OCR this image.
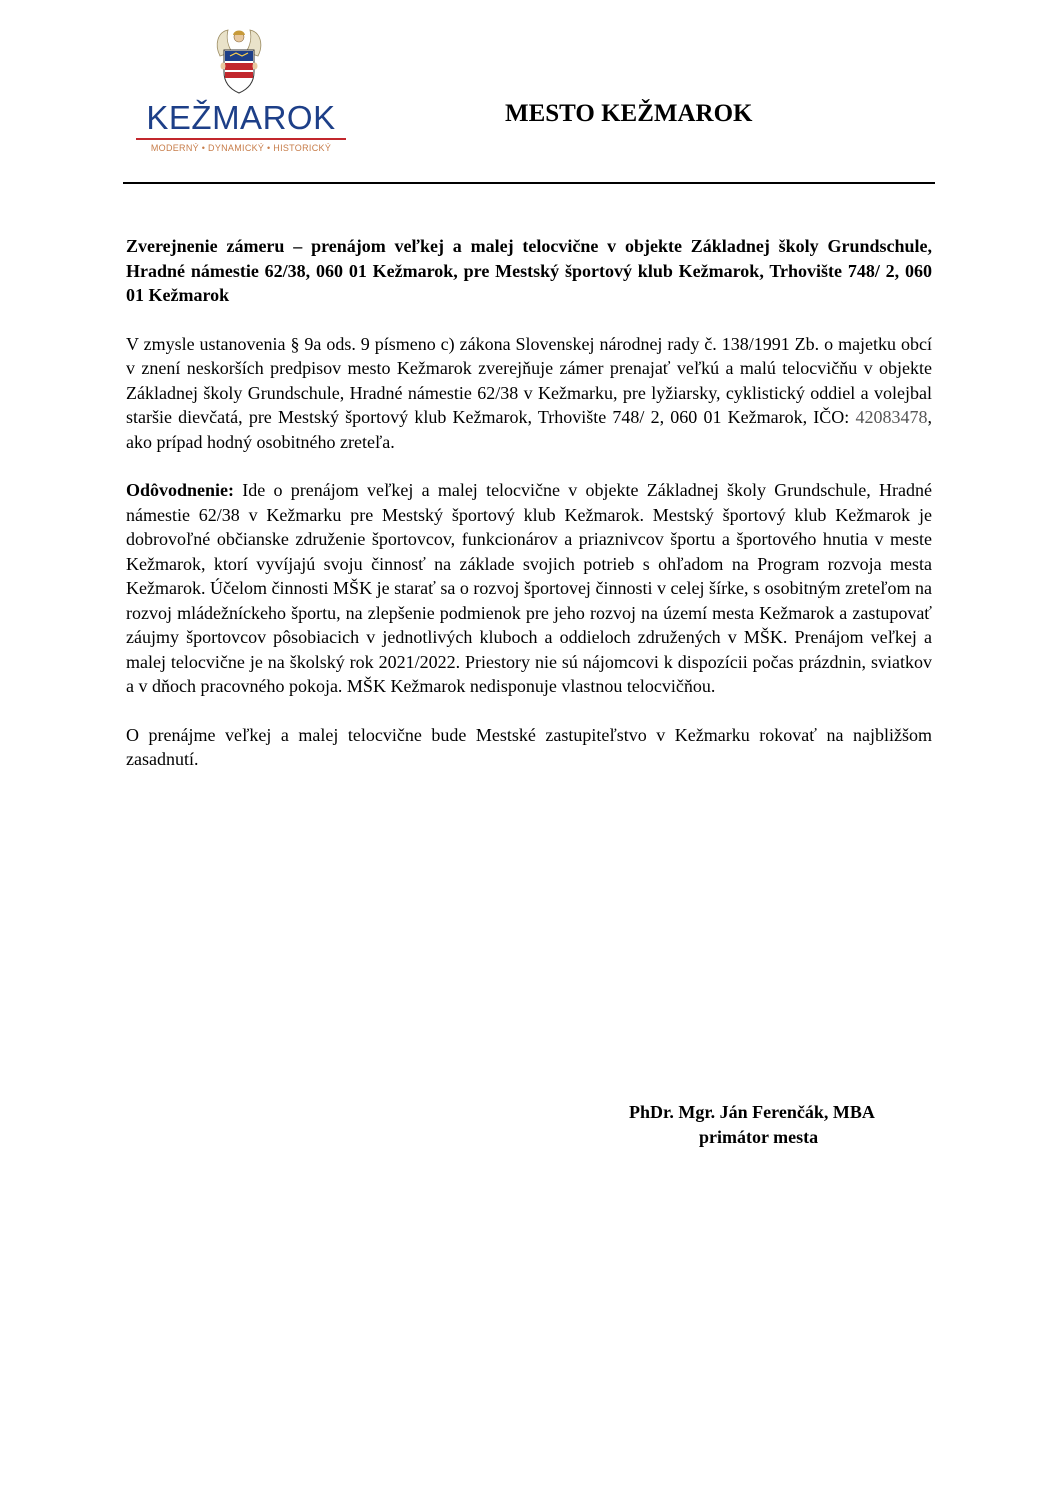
KEŽMAROK
MODERNÝ • DYNAMICKÝ • HISTORICKÝ
MESTO KEŽMAROK

Zverejnenie zámeru – prenájom veľkej a malej telocvične v objekte Základnej školy Grundschule, Hradné námestie 62/38, 060 01 Kežmarok, pre Mestský športový klub Kežmarok, Trhovište 748/ 2, 060 01 Kežmarok

V zmysle ustanovenia § 9a ods. 9 písmeno c) zákona Slovenskej národnej rady č. 138/1991 Zb. o majetku obcí v znení neskorších predpisov mesto Kežmarok zverejňuje zámer prenajať veľkú a malú telocvičňu v objekte Základnej školy Grundschule, Hradné námestie 62/38 v Kežmarku, pre lyžiarsky, cyklistický oddiel a volejbal staršie dievčatá, pre Mestský športový klub Kežmarok, Trhovište 748/ 2, 060 01 Kežmarok, IČO: 42083478, ako prípad hodný osobitného zreteľa.

Odôvodnenie: Ide o prenájom veľkej a malej telocvične v objekte Základnej školy Grundschule, Hradné námestie 62/38 v Kežmarku pre Mestský športový klub Kežmarok. Mestský športový klub Kežmarok je dobrovoľné občianske združenie športovcov, funkcionárov a priaznivcov športu a športového hnutia v meste Kežmarok, ktorí vyvíjajú svoju činnosť na základe svojich potrieb s ohľadom na Program rozvoja mesta Kežmarok. Účelom činnosti MŠK je starať sa o rozvoj športovej činnosti v celej šírke, s osobitným zreteľom na rozvoj mládežníckeho športu, na zlepšenie podmienok pre jeho rozvoj na území mesta Kežmarok a zastupovať záujmy športovcov pôsobiacich v jednotlivých kluboch a oddieloch združených v MŠK. Prenájom veľkej a malej telocvične je na školský rok 2021/2022. Priestory nie sú nájomcovi k dispozícii počas prázdnin, sviatkov a v dňoch pracovného pokoja. MŠK Kežmarok nedisponuje vlastnou telocvičňou.

O prenájme veľkej a malej telocvične bude Mestské zastupiteľstvo v Kežmarku rokovať na najbližšom zasadnutí.

PhDr. Mgr. Ján Ferenčák, MBA
primátor mesta
